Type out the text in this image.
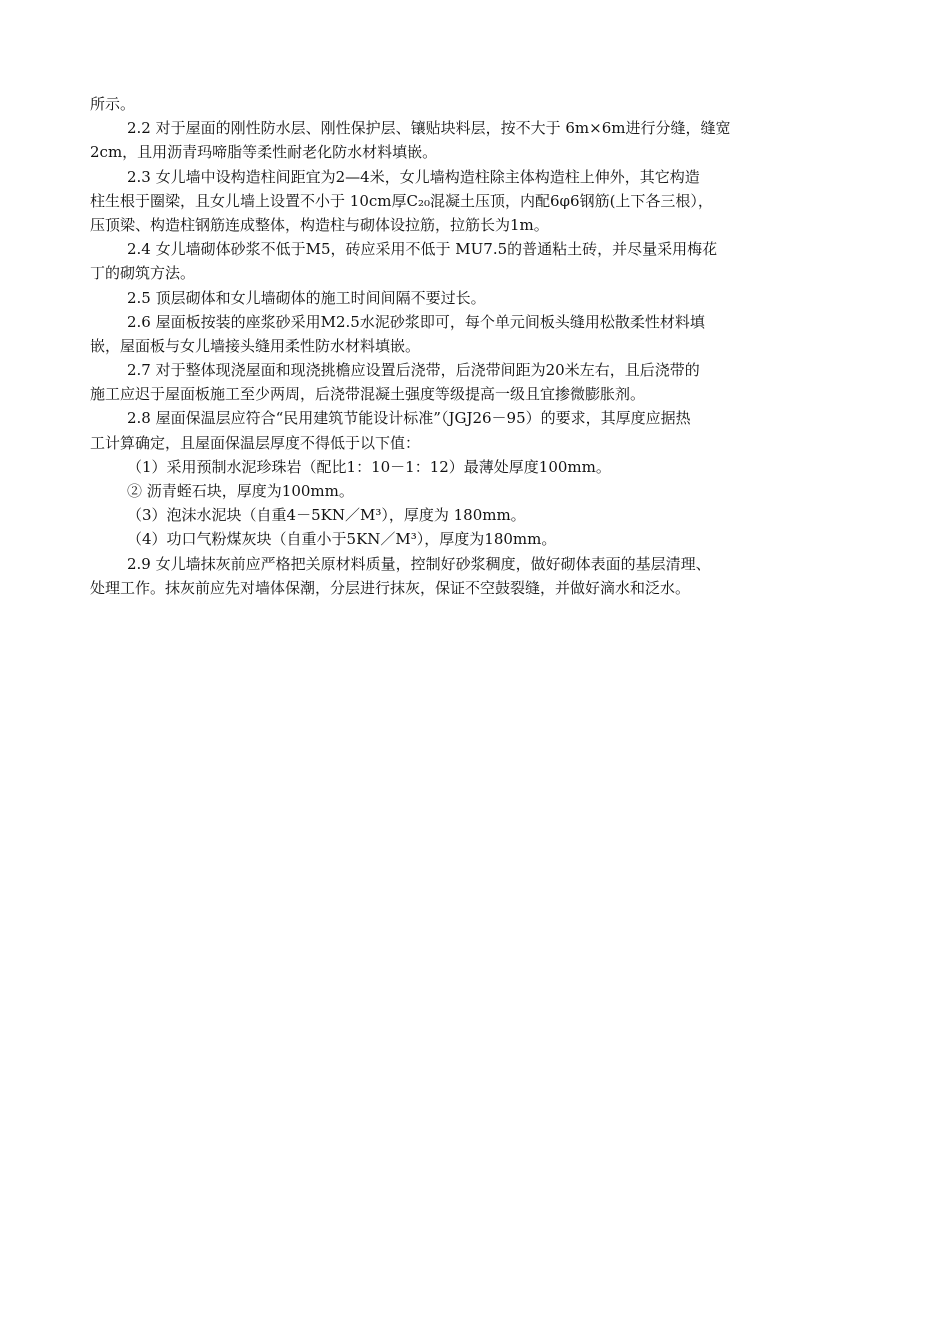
所示。
2.2 对于屋面的刚性防水层、刚性保护层、镶贴块料层，按不大于 6m×6m进行分缝，缝宽
2cm，且用沥青玛啼脂等柔性耐老化防水材料填嵌。
2.3 女儿墙中设构造柱间距宜为2—4米，女儿墙构造柱除主体构造柱上伸外，其它构造
柱生根于圈梁，且女儿墙上设置不小于 10cm厚C₂₀混凝土压顶，内配6φ6钢筋(上下各三根），
压顶梁、构造柱钢筋连成整体，构造柱与砌体设拉筋，拉筋长为1m。
2.4 女儿墙砌体砂浆不低于M5，砖应采用不低于 MU7.5的普通粘土砖，并尽量采用梅花
丁的砌筑方法。
2.5 顶层砌体和女儿墙砌体的施工时间间隔不要过长。
2.6 屋面板按装的座浆砂采用M2.5水泥砂浆即可，每个单元间板头缝用松散柔性材料填
嵌，屋面板与女儿墙接头缝用柔性防水材料填嵌。
2.7 对于整体现浇屋面和现浇挑檐应设置后浇带，后浇带间距为20米左右，且后浇带的
施工应迟于屋面板施工至少两周，后浇带混凝土强度等级提高一级且宜掺微膨胀剂。
2.8 屋面保温层应符合“民用建筑节能设计标准”（JGJ26－95）的要求，其厚度应据热
工计算确定，且屋面保温层厚度不得低于以下值：
（1）采用预制水泥珍珠岩（配比1：10－1：12）最薄处厚度100mm。
② 沥青蛭石块，厚度为100mm。
（3）泡沫水泥块（自重4－5KN／M³），厚度为 180mm。
（4）功口气粉煤灰块（自重小于5KN／M³），厚度为180mm。
2.9 女儿墙抹灰前应严格把关原材料质量，控制好砂浆稠度，做好砌体表面的基层清理、
处理工作。抹灰前应先对墙体保潮，分层进行抹灰，保证不空鼓裂缝，并做好滴水和泛水。
